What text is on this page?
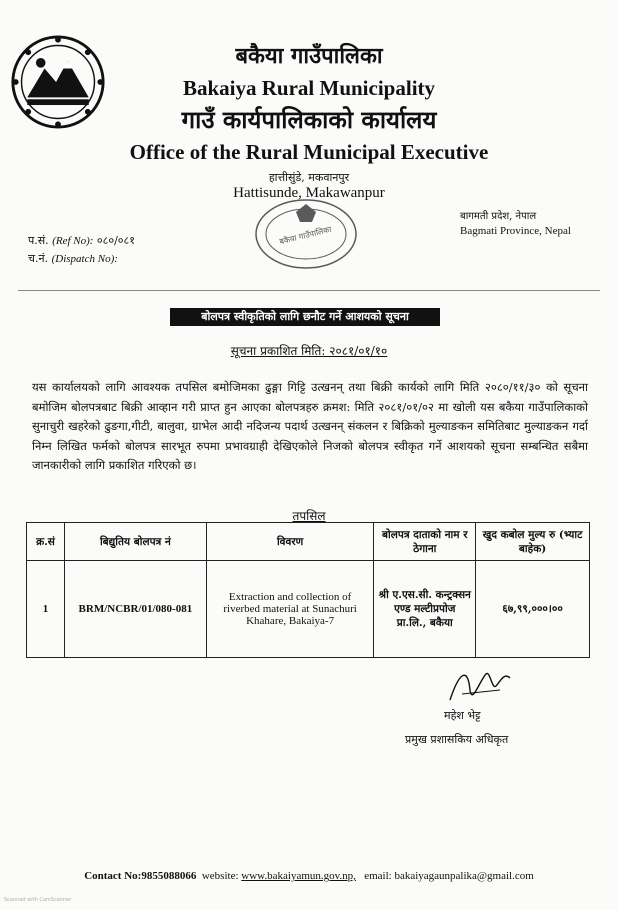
बकैया गाउँपालिका
Bakaiya Rural Municipality
गाउँ कार्यपालिकाको कार्यालय
Office of the Rural Municipal Executive
हात्तीसुंडे, मकवानपुर
Hattisunde, Makawanpur
बकैया गाउँपालिका
बागमती प्रदेश, नेपाल
Bagmati Province, Nepal
प.सं. (Ref No): ०८०/०८१
च.नं. (Dispatch No):
बोलपत्र स्वीकृतिको लागि छनौट गर्ने आशयको सूचना
सूचना प्रकाशित मिति: २०८१/०१/१०
यस कार्यालयको लागि आवश्यक तपसिल बमोजिमका ढुङ्गा गिट्टि उत्खनन् तथा बिक्री कार्यको लागि मिति २०८०/११/३० को सूचना बमोजिम बोलपत्रबाट बिक्री आव्हान गरी प्राप्त हुन आएका बोलपत्रहरु क्रमश: मिति २०८१/०१/०२ मा खोली यस बकैया गाउँपालिकाको सुनाचुरी खहरेको ढुङगा,गीटी, बालुवा, ग्राभेल आदी नदिजन्य पदार्थ उत्खनन् संकलन र बिक्रिको मुल्याङकन समितिबाट मुल्याङकन गर्दा निम्न लिखित फर्मको बोलपत्र सारभूत रुपमा प्रभावग्राही देखिएकोले निजको बोलपत्र स्वीकृत गर्ने आशयको सूचना सम्बन्धित सबैमा जानकारीको लागि प्रकाशित गरिएको छ।
तपसिल
क्र.सं	बिद्युतिय बोलपत्र नं	विवरण	बोलपत्र दाताको नाम र ठेगाना	खुद कबोल मुल्य रु (भ्याट बाहेक)
1	BRM/NCBR/01/080-081	Extraction and collection of riverbed material at Sunachuri Khahare, Bakaiya-7	श्री ए.एस.सी. कन्ट्रक्सन एण्ड मल्टीप्रपोज प्रा.लि., बकैया	६७,९९,०००।००
महेश भेट्ट
प्रमुख प्रशासकिय अधिकृत
Contact No:9855088066 website: www.bakaiyamun.gov.np, email: bakaiyagaunpalika@gmail.com
Scanned with CamScanner
